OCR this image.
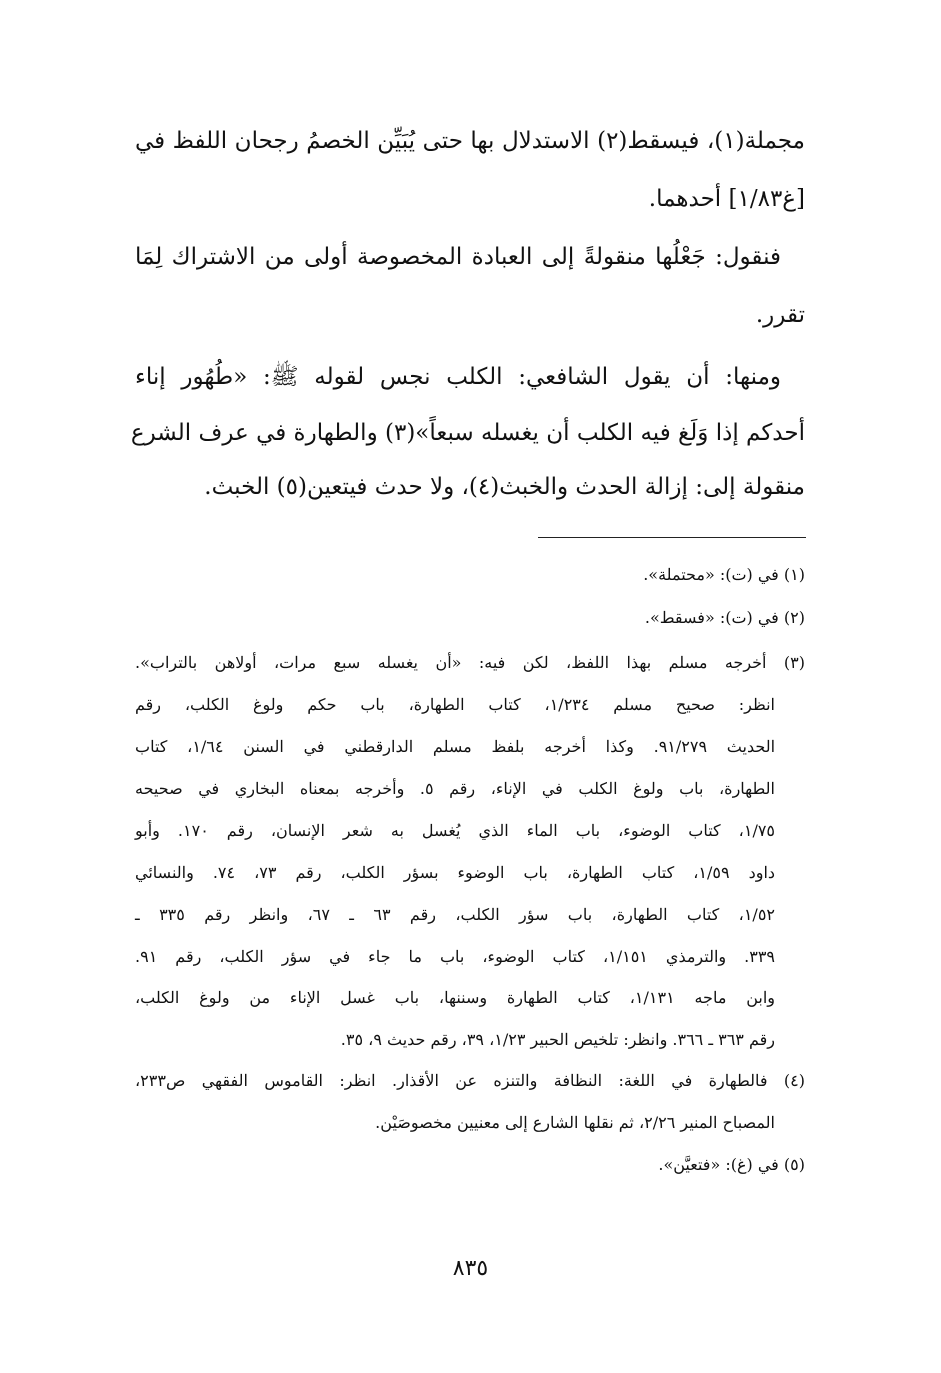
مجملة(١)، فيسقط(٢) الاستدلال بها حتى يُبَيِّن الخصمُ رجحان اللفظ في
[غ١/٨٣] أحدهما.
فنقول: جَعْلُها منقولةً إلى العبادة المخصوصة أولى من الاشتراك لِمَا
تقرر.
ومنها: أن يقول الشافعي: الكلب نجس لقوله ﷺ: «طُهُور إناء
أحدكم إذا وَلَغ فيه الكلب أن يغسله سبعاً»(٣) والطهارة في عرف الشرع
منقولة إلى: إزالة الحدث والخبث(٤)، ولا حدث فيتعين(٥) الخبث.
(١) في (ت): «محتملة».
(٢) في (ت): «فسقط».
(٣) أخرجه مسلم بهذا اللفظ، لكن فيه: «أن يغسله سبع مرات، أولاهن بالتراب».
انظر: صحيح مسلم ١/٢٣٤، كتاب الطهارة، باب حكم ولوغ الكلب، رقم
الحديث ٩١/٢٧٩. وكذا أخرجه بلفظ مسلم الدارقطني في السنن ١/٦٤، كتاب
الطهارة، باب ولوغ الكلب في الإناء، رقم ٥. وأخرجه بمعناه البخاري في صحيحه
١/٧٥، كتاب الوضوء، باب الماء الذي يُغسل به شعر الإنسان، رقم ١٧٠. وأبو
داود ١/٥٩، كتاب الطهارة، باب الوضوء بسؤر الكلب، رقم ٧٣، ٧٤. والنسائي
١/٥٢، كتاب الطهارة، باب سؤر الكلب، رقم ٦٣ ـ ٦٧، وانظر رقم ٣٣٥ ـ
٣٣٩. والترمذي ١/١٥١، كتاب الوضوء، باب ما جاء في سؤر الكلب، رقم ٩١.
وابن ماجه ١/١٣١، كتاب الطهارة وسننها، باب غسل الإناء من ولوغ الكلب،
رقم ٣٦٣ ـ ٣٦٦. وانظر: تلخيص الحبير ١/٢٣، ٣٩، رقم حديث ٩، ٣٥.
(٤) فالطهارة في اللغة: النظافة والتنزه عن الأقذار. انظر: القاموس الفقهي ص٢٣٣،
المصباح المنير ٢/٢٦، ثم نقلها الشارع إلى معنيين مخصوصَيْن.
(٥) في (غ): «فتعيَّن».
٨٣٥
